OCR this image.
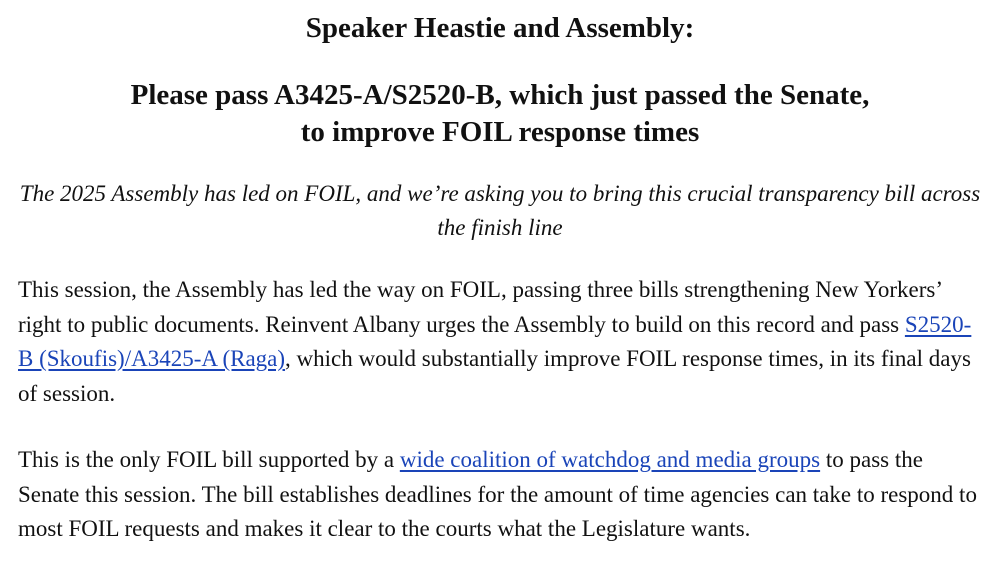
Speaker Heastie and Assembly:
Please pass A3425-A/S2520-B, which just passed the Senate,
to improve FOIL response times

The 2025 Assembly has led on FOIL, and we’re asking you to bring this crucial transparency bill across the finish line

This session, the Assembly has led the way on FOIL, passing three bills strengthening New Yorkers’ right to public documents. Reinvent Albany urges the Assembly to build on this record and pass S2520-B (Skoufis)/A3425-A (Raga), which would substantially improve FOIL response times, in its final days of session.

This is the only FOIL bill supported by a wide coalition of watchdog and media groups to pass the Senate this session. The bill establishes deadlines for the amount of time agencies can take to respond to most FOIL requests and makes it clear to the courts what the Legislature wants.
